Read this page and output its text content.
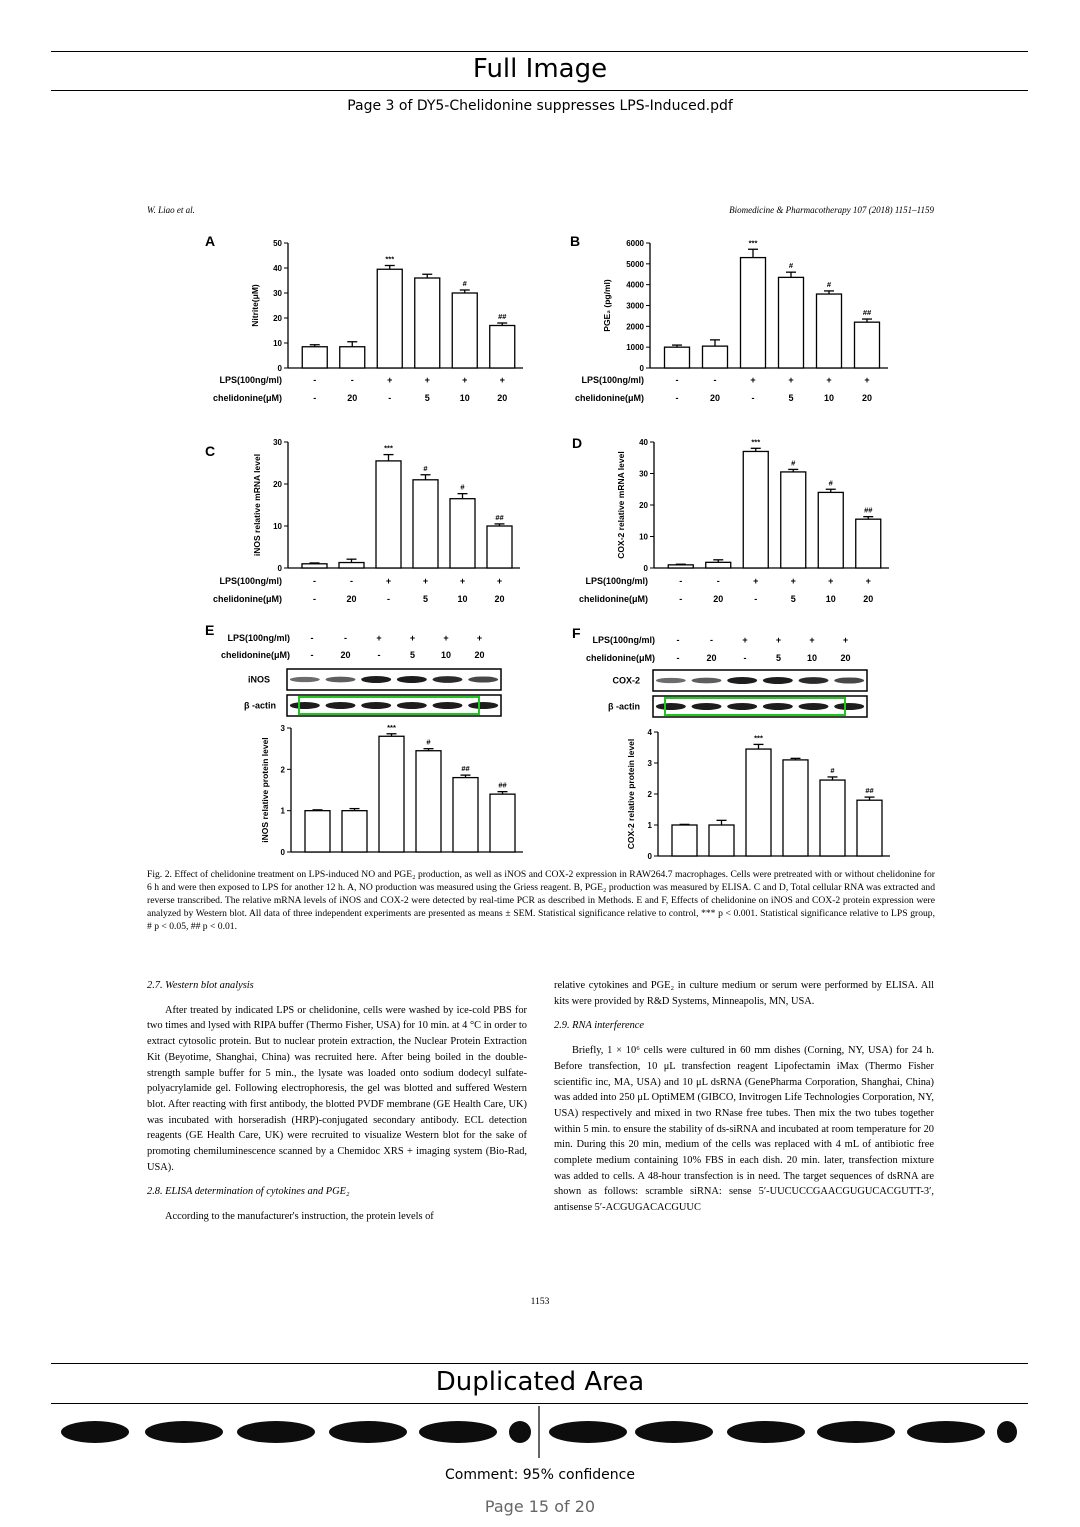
Full Image
Page 3 of DY5-Chelidonine suppresses LPS-Induced.pdf
W. Liao et al.	Biomedicine & Pharmacotherapy 107 (2018) 1151–1159
A
0
10
20
30
40
50
Nitrite(μM)
***
#
##
LPS(100ng/ml)
chelidonine(μM)
-
-
-
20
+
-
+
5
+
10
+
20
B
0
1000
2000
3000
4000
5000
6000
PGE₂ (pg/ml)
***
#
#
##
LPS(100ng/ml)
chelidonine(μM)
-
-
-
20
+
-
+
5
+
10
+
20
C
0
10
20
30
iNOS relative mRNA level
***
#
#
##
LPS(100ng/ml)
chelidonine(μM)
-
-
-
20
+
-
+
5
+
10
+
20
D
0
10
20
30
40
COX-2 relative mRNA level
***
#
#
##
LPS(100ng/ml)
chelidonine(μM)
-
-
-
20
+
-
+
5
+
10
+
20
E
0
1
2
3
iNOS relative protein level
***
#
##
##
F
0
1
2
3
4
COX-2 relative protein level
***
#
##
LPS(100ng/ml)
chelidonine(μM)
-
-
-
20
+
-
+
5
+
10
+
20
LPS(100ng/ml)
chelidonine(μM)
-
-
-
20
+
-
+
5
+
10
+
20
iNOS
β -actin
COX-2
β -actin
Fig. 2. Effect of chelidonine treatment on LPS-induced NO and PGE₂ production, as well as iNOS and COX-2 expression in RAW264.7 macrophages. Cells were pretreated with or without chelidonine for 6 h and were then exposed to LPS for another 12 h. A, NO production was measured using the Griess reagent. B, PGE₂ production was measured by ELISA. C and D, Total cellular RNA was extracted and reverse transcribed. The relative mRNA levels of iNOS and COX-2 were detected by real-time PCR as described in Methods. E and F, Effects of chelidonine on iNOS and COX-2 protein expression were analyzed by Western blot. All data of three independent experiments are presented as means ± SEM. Statistical significance relative to control, *** p < 0.001. Statistical significance relative to LPS group, # p < 0.05, ## p < 0.01.

2.7. Western blot analysis

After treated by indicated LPS or chelidonine, cells were washed by ice-cold PBS for two times and lysed with RIPA buffer (Thermo Fisher, USA) for 10 min. at 4 °C in order to extract cytosolic protein. But to nuclear protein extraction, the Nuclear Protein Extraction Kit (Beyotime, Shanghai, China) was recruited here. After being boiled in the double-strength sample buffer for 5 min., the lysate was loaded onto sodium dodecyl sulfate-polyacrylamide gel. Following electrophoresis, the gel was blotted and suffered Western blot. After reacting with first antibody, the blotted PVDF membrane (GE Health Care, UK) was incubated with horseradish (HRP)-conjugated secondary antibody. ECL detection reagents (GE Health Care, UK) were recruited to visualize Western blot for the sake of promoting chemiluminescence scanned by a Chemidoc XRS + imaging system (Bio-Rad, USA).

2.8. ELISA determination of cytokines and PGE₂

According to the manufacturer's instruction, the protein levels of

relative cytokines and PGE₂ in culture medium or serum were performed by ELISA. All kits were provided by R&D Systems, Minneapolis, MN, USA.

2.9. RNA interference

Briefly, 1 × 10⁶ cells were cultured in 60 mm dishes (Corning, NY, USA) for 24 h. Before transfection, 10 μL transfection reagent Lipofectamin iMax (Thermo Fisher scientific inc, MA, USA) and 10 μL dsRNA (GenePharma Corporation, Shanghai, China) was added into 250 μL OptiMEM (GIBCO, Invitrogen Life Technologies Corporation, NY, USA) respectively and mixed in two RNase free tubes. Then mix the two tubes together within 5 min. to ensure the stability of ds-siRNA and incubated at room temperature for 20 min. During this 20 min, medium of the cells was replaced with 4 mL of antibiotic free complete medium containing 10% FBS in each dish. 20 min. later, transfection mixture was added to cells. A 48-hour transfection is in need. The target sequences of dsRNA are shown as follows: scramble siRNA: sense 5′-UUCUCCGAACGUGUCACGUTT-3′, antisense 5′-ACGUGACACGUUC

1153
Duplicated Area
Comment: 95% confidence
Page 15 of 20
